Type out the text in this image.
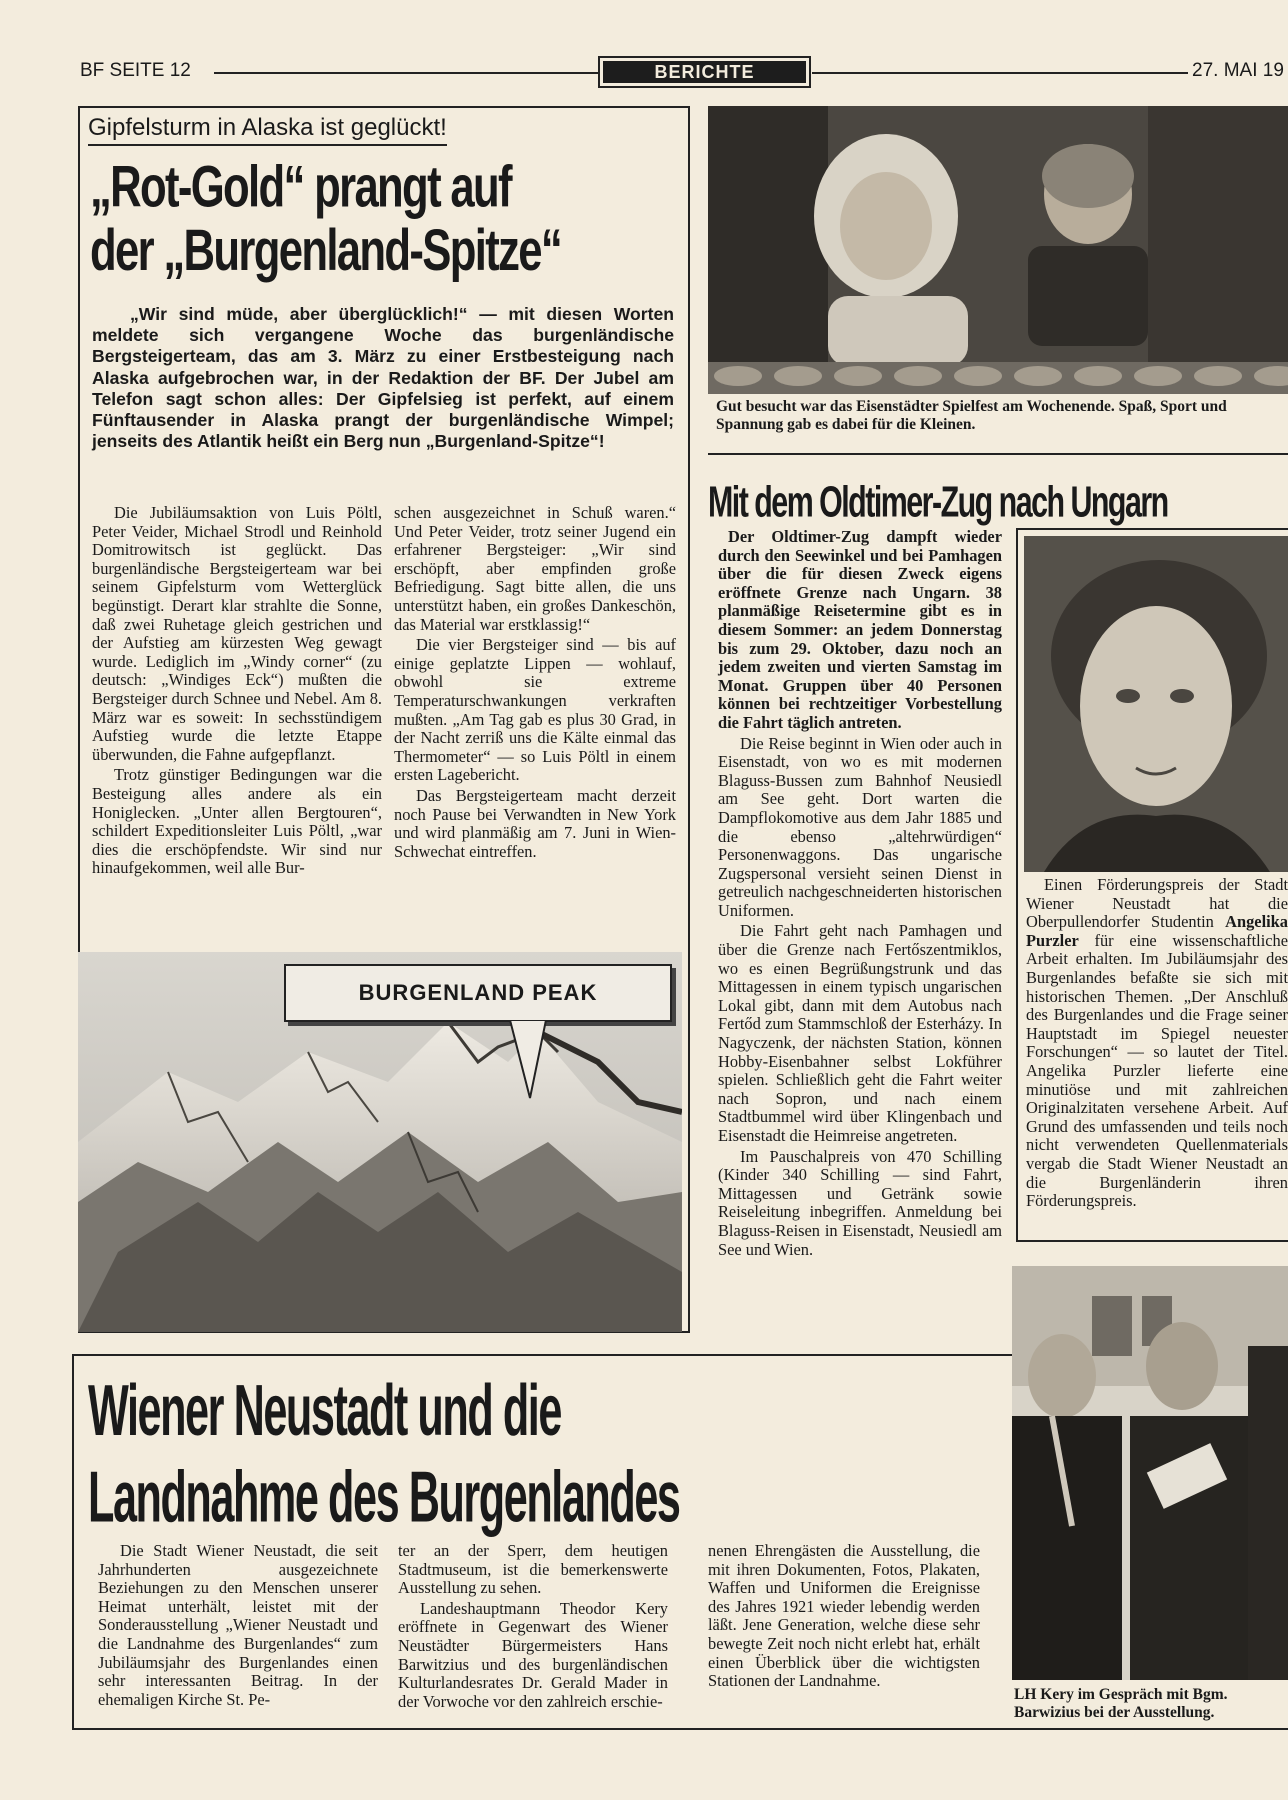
BF SEITE 12	BERICHTE	27. MAI 19
Gipfelsturm in Alaska ist geglückt!
„Rot-Gold“ prangt auf
der „Burgenland-Spitze“
„Wir sind müde, aber überglücklich!“ — mit diesen Worten meldete sich vergangene Woche das burgenländische Bergsteigerteam, das am 3. März zu einer Erstbesteigung nach Alaska aufgebrochen war, in der Redaktion der BF. Der Jubel am Telefon sagt schon alles: Der Gipfelsieg ist perfekt, auf einem Fünftausender in Alaska prangt der burgenländische Wimpel; jenseits des Atlantik heißt ein Berg nun „Burgenland-Spitze“!

Die Jubiläumsaktion von Luis Pöltl, Peter Veider, Michael Strodl und Reinhold Domitrowitsch ist geglückt. Das burgenländische Bergsteigerteam war bei seinem Gipfelsturm vom Wetterglück begünstigt. Derart klar strahlte die Sonne, daß zwei Ruhetage gleich gestrichen und der Aufstieg am kürzesten Weg gewagt wurde. Lediglich im „Windy corner“ (zu deutsch: „Windiges Eck“) mußten die Bergsteiger durch Schnee und Nebel. Am 8. März war es soweit: In sechsstündigem Aufstieg wurde die letzte Etappe überwunden, die Fahne aufgepflanzt.

Trotz günstiger Bedingungen war die Besteigung alles andere als ein Honiglecken. „Unter allen Bergtouren“, schildert Expeditionsleiter Luis Pöltl, „war dies die erschöpfendste. Wir sind nur hinaufgekommen, weil alle Bur-

schen ausgezeichnet in Schuß waren.“ Und Peter Veider, trotz seiner Jugend ein erfahrener Bergsteiger: „Wir sind erschöpft, aber empfinden große Befriedigung. Sagt bitte allen, die uns unterstützt haben, ein großes Dankeschön, das Material war erstklassig!“

Die vier Bergsteiger sind — bis auf einige geplatzte Lippen — wohlauf, obwohl sie extreme Temperaturschwankungen verkraften mußten. „Am Tag gab es plus 30 Grad, in der Nacht zerriß uns die Kälte einmal das Thermometer“ — so Luis Pöltl in einem ersten Lagebericht.

Das Bergsteigerteam macht derzeit noch Pause bei Verwandten in New York und wird planmäßig am 7. Juni in Wien-Schwechat eintreffen.

BURGENLAND PEAK
Gut besucht war das Eisenstädter Spielfest am Wochenende. Spaß, Sport und Spannung gab es dabei für die Kleinen.
Mit dem Oldtimer-Zug nach Ungarn
Der Oldtimer-Zug dampft wieder durch den Seewinkel und bei Pamhagen über die für diesen Zweck eigens eröffnete Grenze nach Ungarn. 38 planmäßige Reisetermine gibt es in diesem Sommer: an jedem Donnerstag bis zum 29. Oktober, dazu noch an jedem zweiten und vierten Samstag im Monat. Gruppen über 40 Personen können bei rechtzeitiger Vorbestellung die Fahrt täglich antreten.

Die Reise beginnt in Wien oder auch in Eisenstadt, von wo es mit modernen Blaguss-Bussen zum Bahnhof Neusiedl am See geht. Dort warten die Dampflokomotive aus dem Jahr 1885 und die ebenso „altehrwürdigen“ Personenwaggons. Das ungarische Zugspersonal versieht seinen Dienst in getreulich nachgeschneiderten historischen Uniformen.

Die Fahrt geht nach Pamhagen und über die Grenze nach Fertőszentmiklos, wo es einen Begrüßungstrunk und das Mittagessen in einem typisch ungarischen Lokal gibt, dann mit dem Autobus nach Fertőd zum Stammschloß der Esterházy. In Nagyczenk, der nächsten Station, können Hobby-Eisenbahner selbst Lokführer spielen. Schließlich geht die Fahrt weiter nach Sopron, und nach einem Stadtbummel wird über Klingenbach und Eisenstadt die Heimreise angetreten.

Im Pauschalpreis von 470 Schilling (Kinder 340 Schilling — sind Fahrt, Mittagessen und Getränk sowie Reiseleitung inbegriffen. Anmeldung bei Blaguss-Reisen in Eisenstadt, Neusiedl am See und Wien.

Einen Förderungspreis der Stadt Wiener Neustadt hat die Oberpullendorfer Studentin Angelika Purzler für eine wissenschaftliche Arbeit erhalten. Im Jubiläumsjahr des Burgenlandes befaßte sie sich mit historischen Themen. „Der Anschluß des Burgenlandes und die Frage seiner Hauptstadt im Spiegel neuester Forschungen“ — so lautet der Titel. Angelika Purzler lieferte eine minutiöse und mit zahlreichen Originalzitaten versehene Arbeit. Auf Grund des umfassenden und teils noch nicht verwendeten Quellenmaterials vergab die Stadt Wiener Neustadt an die Burgenländerin ihren Förderungspreis.
Wiener Neustadt und die
Landnahme des Burgenlandes

Die Stadt Wiener Neustadt, die seit Jahrhunderten ausgezeichnete Beziehungen zu den Menschen unserer Heimat unterhält, leistet mit der Sonderausstellung „Wiener Neustadt und die Landnahme des Burgenlandes“ zum Jubiläumsjahr des Burgenlandes einen sehr interessanten Beitrag. In der ehemaligen Kirche St. Pe-

ter an der Sperr, dem heutigen Stadtmuseum, ist die bemerkenswerte Ausstellung zu sehen.

Landeshauptmann Theodor Kery eröffnete in Gegenwart des Wiener Neustädter Bürgermeisters Hans Barwitzius und des burgenländischen Kulturlandesrates Dr. Gerald Mader in der Vorwoche vor den zahlreich erschie-

nenen Ehrengästen die Ausstellung, die mit ihren Dokumenten, Fotos, Plakaten, Waffen und Uniformen die Ereignisse des Jahres 1921 wieder lebendig werden läßt. Jene Generation, welche diese sehr bewegte Zeit noch nicht erlebt hat, erhält einen Überblick über die wichtigsten Stationen der Landnahme.

LH Kery im Gespräch mit Bgm. Barwizius bei der Ausstellung.
